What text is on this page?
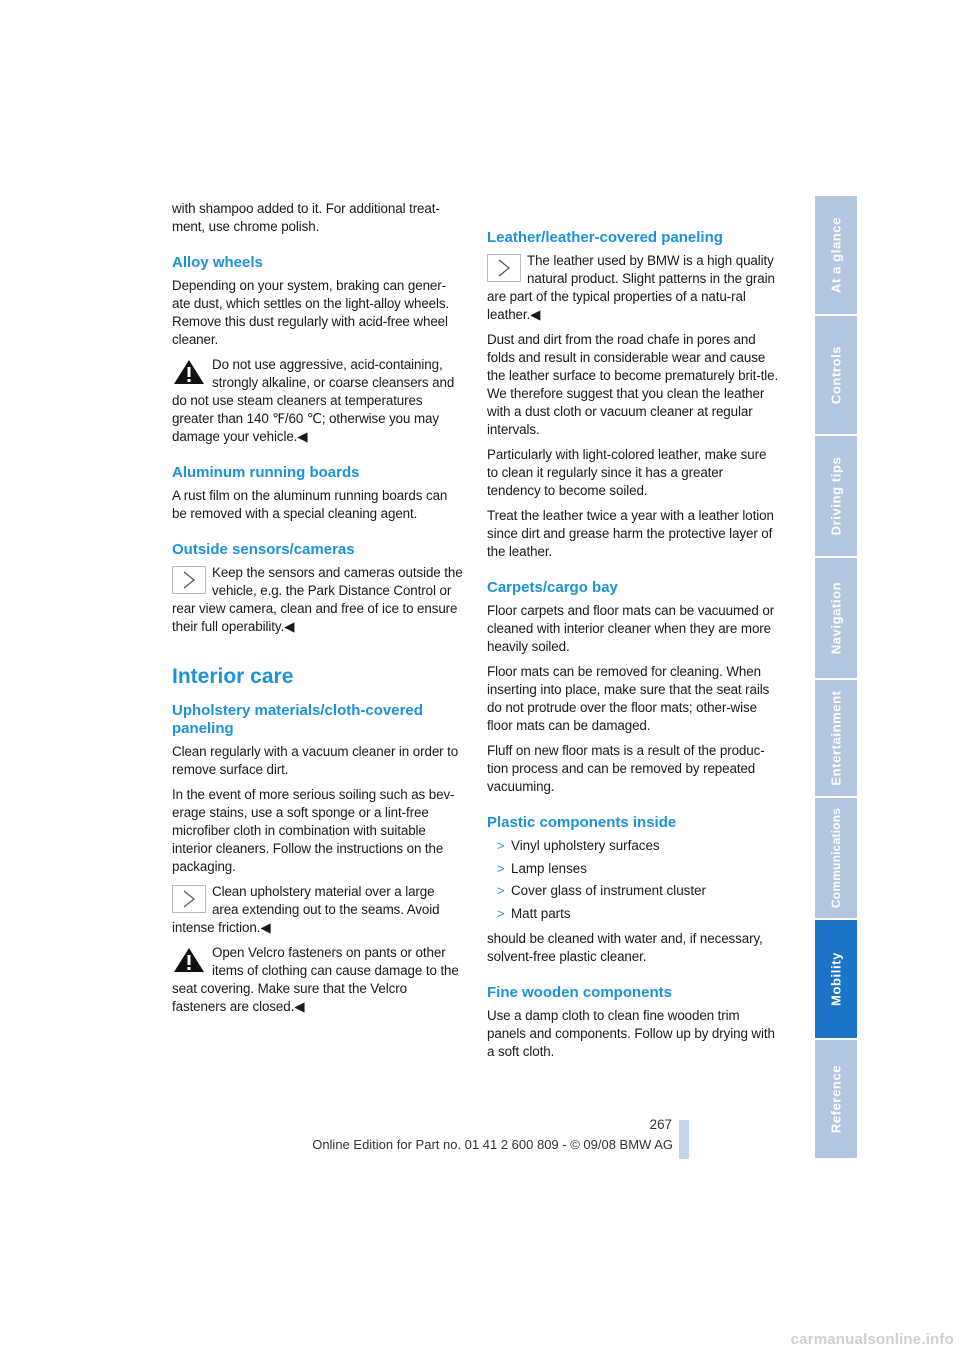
with shampoo added to it. For additional treat-ment, use chrome polish.

Alloy wheels

Depending on your system, braking can gener-ate dust, which settles on the light-alloy wheels. Remove this dust regularly with acid-free wheel cleaner.

Do not use aggressive, acid-containing, strongly alkaline, or coarse cleansers and do not use steam cleaners at temperatures greater than 140 ℉/60 ℃; otherwise you may damage your vehicle.◀

Aluminum running boards

A rust film on the aluminum running boards can be removed with a special cleaning agent.

Outside sensors/cameras

Keep the sensors and cameras outside the vehicle, e.g. the Park Distance Control or rear view camera, clean and free of ice to ensure their full operability.◀

Interior care
Upholstery materials/cloth-covered paneling

Clean regularly with a vacuum cleaner in order to remove surface dirt.

In the event of more serious soiling such as bev-erage stains, use a soft sponge or a lint-free microfiber cloth in combination with suitable interior cleaners. Follow the instructions on the packaging.

Clean upholstery material over a large area extending out to the seams. Avoid intense friction.◀

Open Velcro fasteners on pants or other items of clothing can cause damage to the seat covering. Make sure that the Velcro fasteners are closed.◀

Leather/leather-covered paneling

The leather used by BMW is a high quality natural product. Slight patterns in the grain are part of the typical properties of a natu-ral leather.◀

Dust and dirt from the road chafe in pores and folds and result in considerable wear and cause the leather surface to become prematurely brit-tle. We therefore suggest that you clean the leather with a dust cloth or vacuum cleaner at regular intervals.

Particularly with light-colored leather, make sure to clean it regularly since it has a greater tendency to become soiled.

Treat the leather twice a year with a leather lotion since dirt and grease harm the protective layer of the leather.

Carpets/cargo bay

Floor carpets and floor mats can be vacuumed or cleaned with interior cleaner when they are more heavily soiled.

Floor mats can be removed for cleaning. When inserting into place, make sure that the seat rails do not protrude over the floor mats; other-wise floor mats can be damaged.

Fluff on new floor mats is a result of the produc-tion process and can be removed by repeated vacuuming.

Plastic components inside
> Vinyl upholstery surfaces
> Lamp lenses
> Cover glass of instrument cluster
> Matt parts

should be cleaned with water and, if necessary, solvent-free plastic cleaner.

Fine wooden components

Use a damp cloth to clean fine wooden trim panels and components. Follow up by drying with a soft cloth.

At a glance
Controls
Driving tips
Navigation
Entertainment
Communications
Mobility
Reference
267
Online Edition for Part no. 01 41 2 600 809 - © 09/08 BMW AG
carmanualsonline.info
